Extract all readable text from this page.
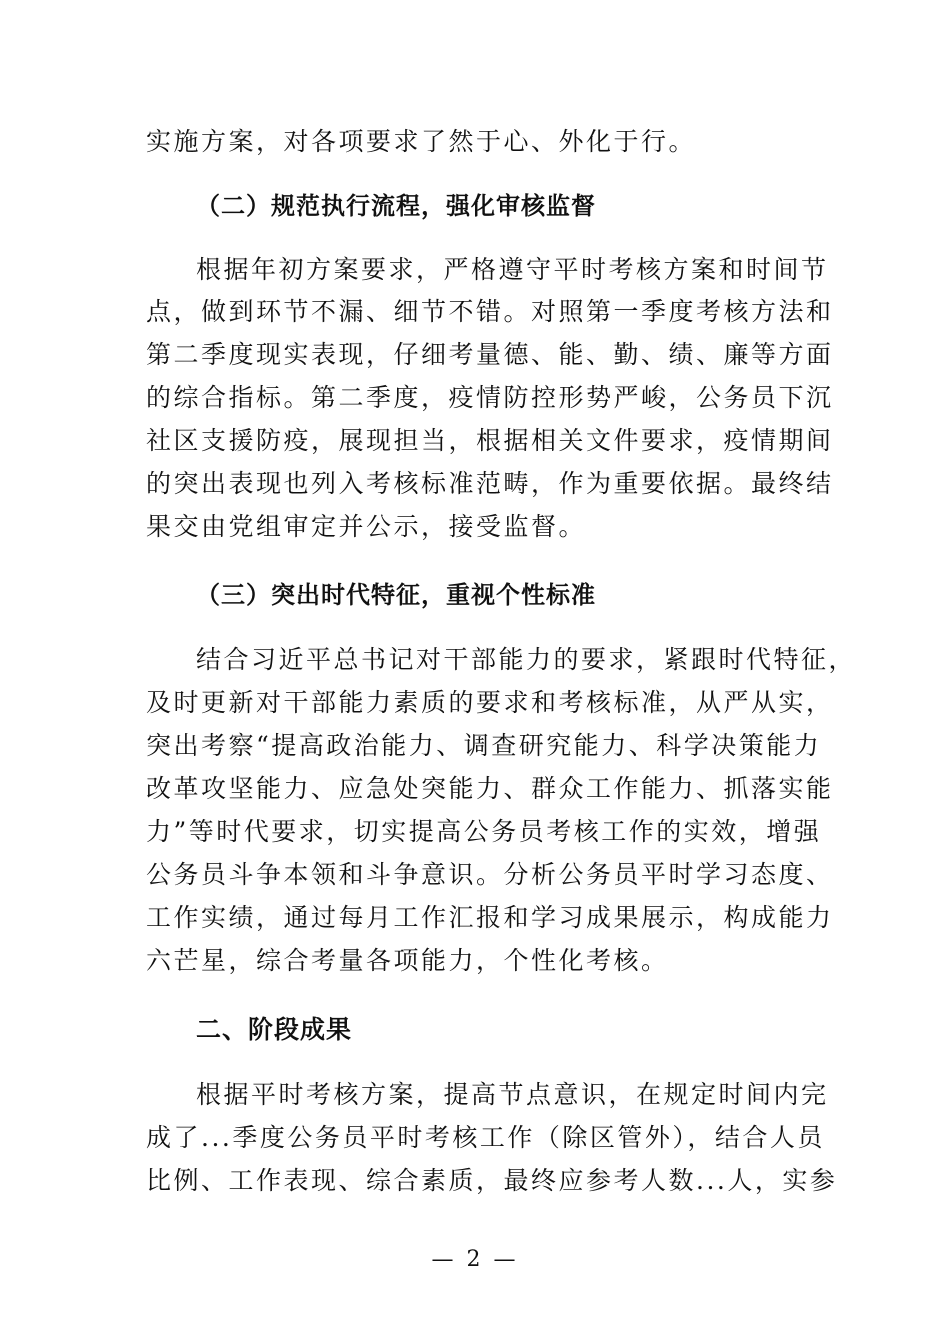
实施方案，对各项要求了然于心、外化于行。
（二）规范执行流程，强化审核监督
根据年初方案要求，严格遵守平时考核方案和时间节
点，做到环节不漏、细节不错。对照第一季度考核方法和
第二季度现实表现，仔细考量德、能、勤、绩、廉等方面
的综合指标。第二季度，疫情防控形势严峻，公务员下沉
社区支援防疫，展现担当，根据相关文件要求，疫情期间
的突出表现也列入考核标准范畴，作为重要依据。最终结
果交由党组审定并公示，接受监督。
（三）突出时代特征，重视个性标准
结合习近平总书记对干部能力的要求，紧跟时代特征，
及时更新对干部能力素质的要求和考核标准，从严从实，
突出考察“提高政治能力、调查研究能力、科学决策能力
改革攻坚能力、应急处突能力、群众工作能力、抓落实能
力”等时代要求，切实提高公务员考核工作的实效，增强
公务员斗争本领和斗争意识。分析公务员平时学习态度、
工作实绩，通过每月工作汇报和学习成果展示，构成能力
六芒星，综合考量各项能力，个性化考核。
二、阶段成果
根据平时考核方案，提高节点意识，在规定时间内完
成了...季度公务员平时考核工作（除区管外），结合人员
比例、工作表现、综合素质，最终应参考人数...人，实参
— 2 —
